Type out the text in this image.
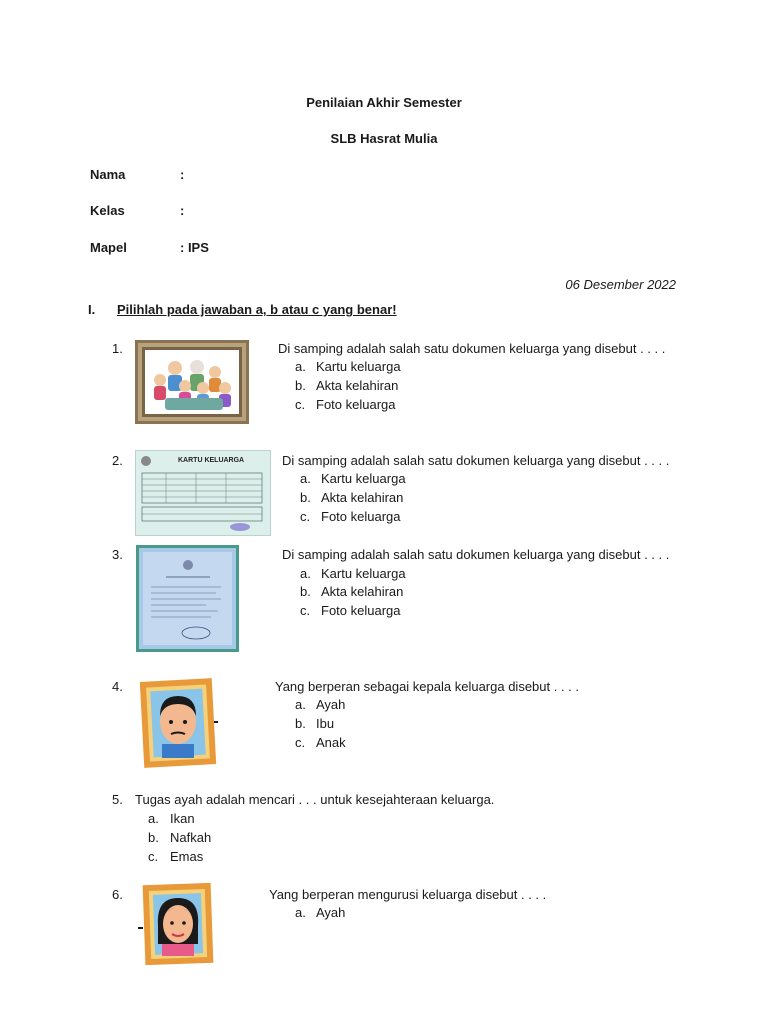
Penilaian Akhir Semester
SLB Hasrat Mulia
Nama	:
Kelas	:
Mapel	: IPS
06 Desember 2022
I. Pilihlah pada jawaban a, b atau c yang benar!
1.	Di samping adalah salah satu dokumen keluarga yang disebut . . . .
a. Kartu keluarga
b. Akta kelahiran
c. Foto keluarga
2.	KARTU KELUARGA	Di samping adalah salah satu dokumen keluarga yang disebut . . . .
a. Kartu keluarga
b. Akta kelahiran
c. Foto keluarga
3.	Di samping adalah salah satu dokumen keluarga yang disebut . . . .
a. Kartu keluarga
b. Akta kelahiran
c. Foto keluarga
4.	Yang berperan sebagai kepala keluarga disebut . . . .
a. Ayah
b. Ibu
c. Anak
5. Tugas ayah adalah mencari . . . untuk kesejahteraan keluarga.
a. Ikan
b. Nafkah
c. Emas
6.	Yang berperan mengurusi keluarga disebut . . . .
a. Ayah
